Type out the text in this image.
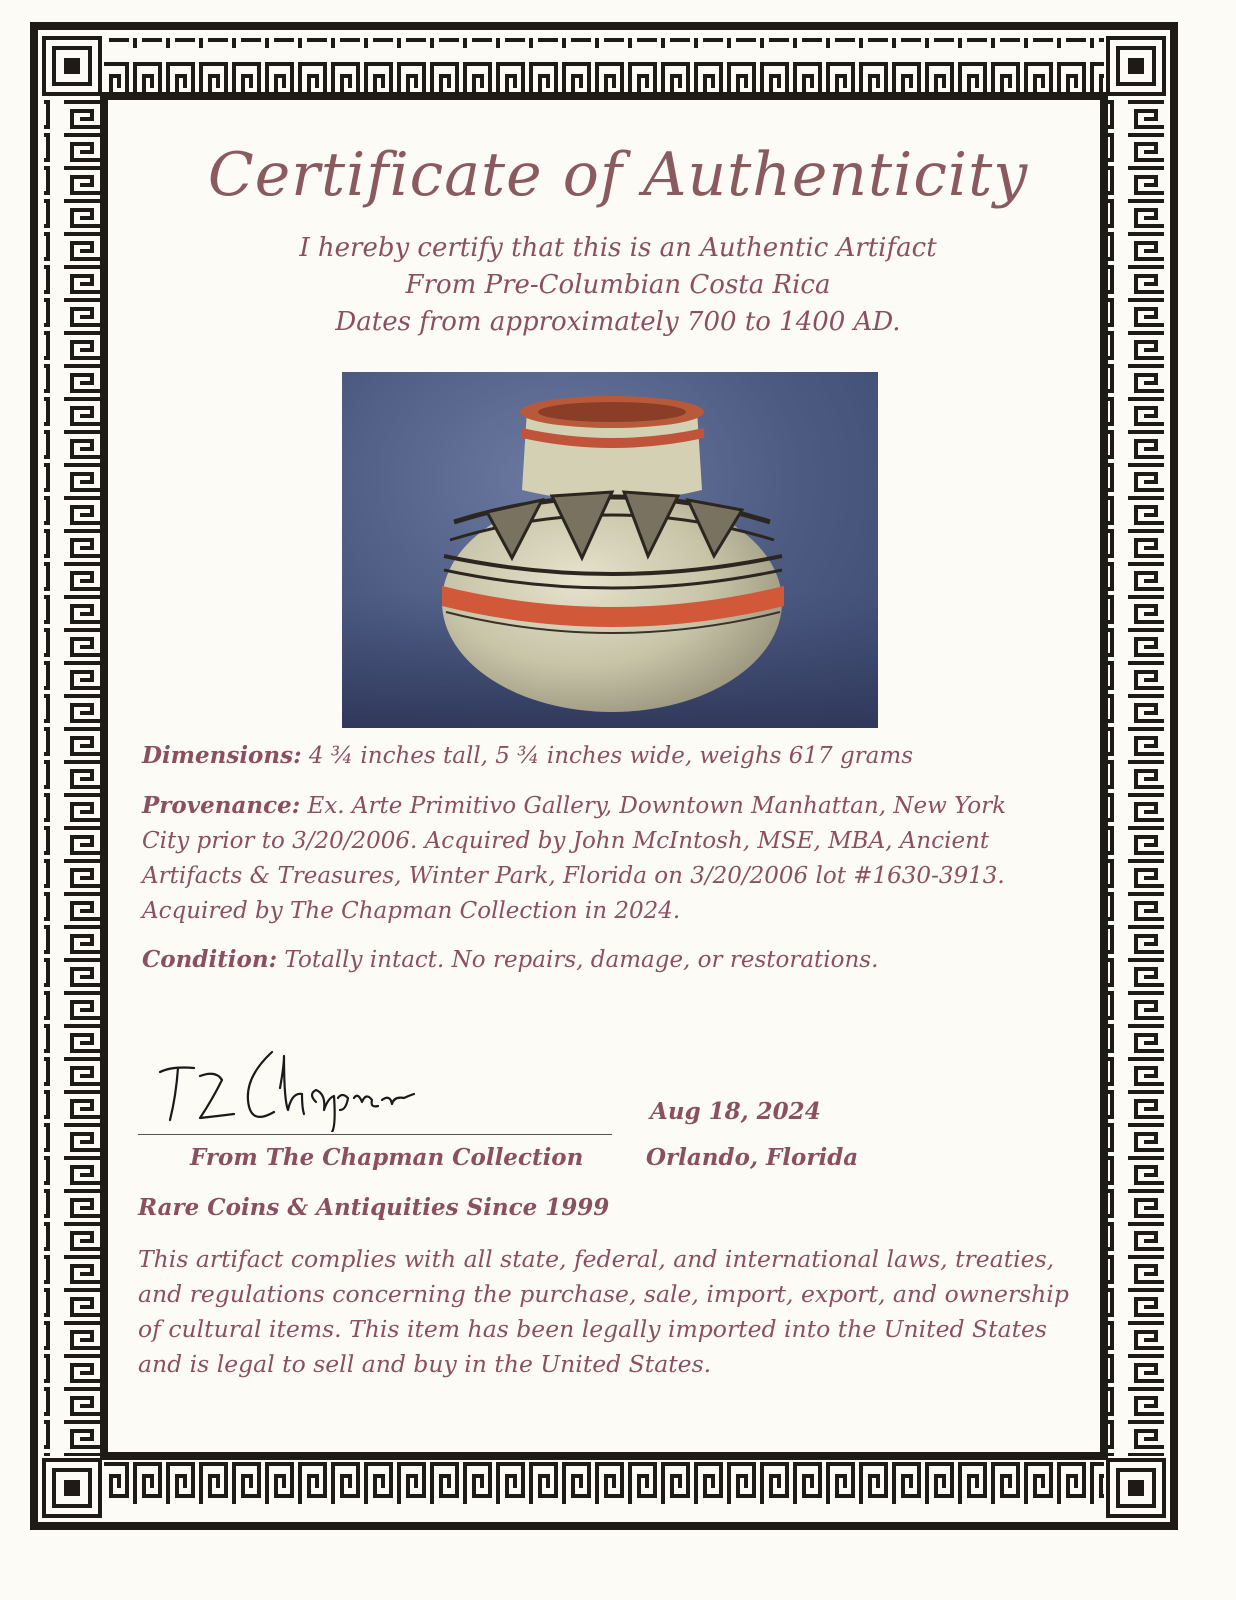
Certificate of Authenticity
I hereby certify that this is an Authentic Artifact
From Pre-Columbian Costa Rica
Dates from approximately 700 to 1400 AD.
Dimensions: 4 ¾ inches tall, 5 ¾ inches wide, weighs 617 grams
Provenance: Ex. Arte Primitivo Gallery, Downtown Manhattan, New York City prior to 3/20/2006. Acquired by John McIntosh, MSE, MBA, Ancient Artifacts & Treasures, Winter Park, Florida on 3/20/2006 lot #1630-3913. Acquired by The Chapman Collection in 2024.
Condition: Totally intact. No repairs, damage, or restorations.
From The Chapman Collection
Aug 18, 2024
Orlando, Florida
Rare Coins & Antiquities Since 1999
This artifact complies with all state, federal, and international laws, treaties, and regulations concerning the purchase, sale, import, export, and ownership of cultural items. This item has been legally imported into the United States and is legal to sell and buy in the United States.
